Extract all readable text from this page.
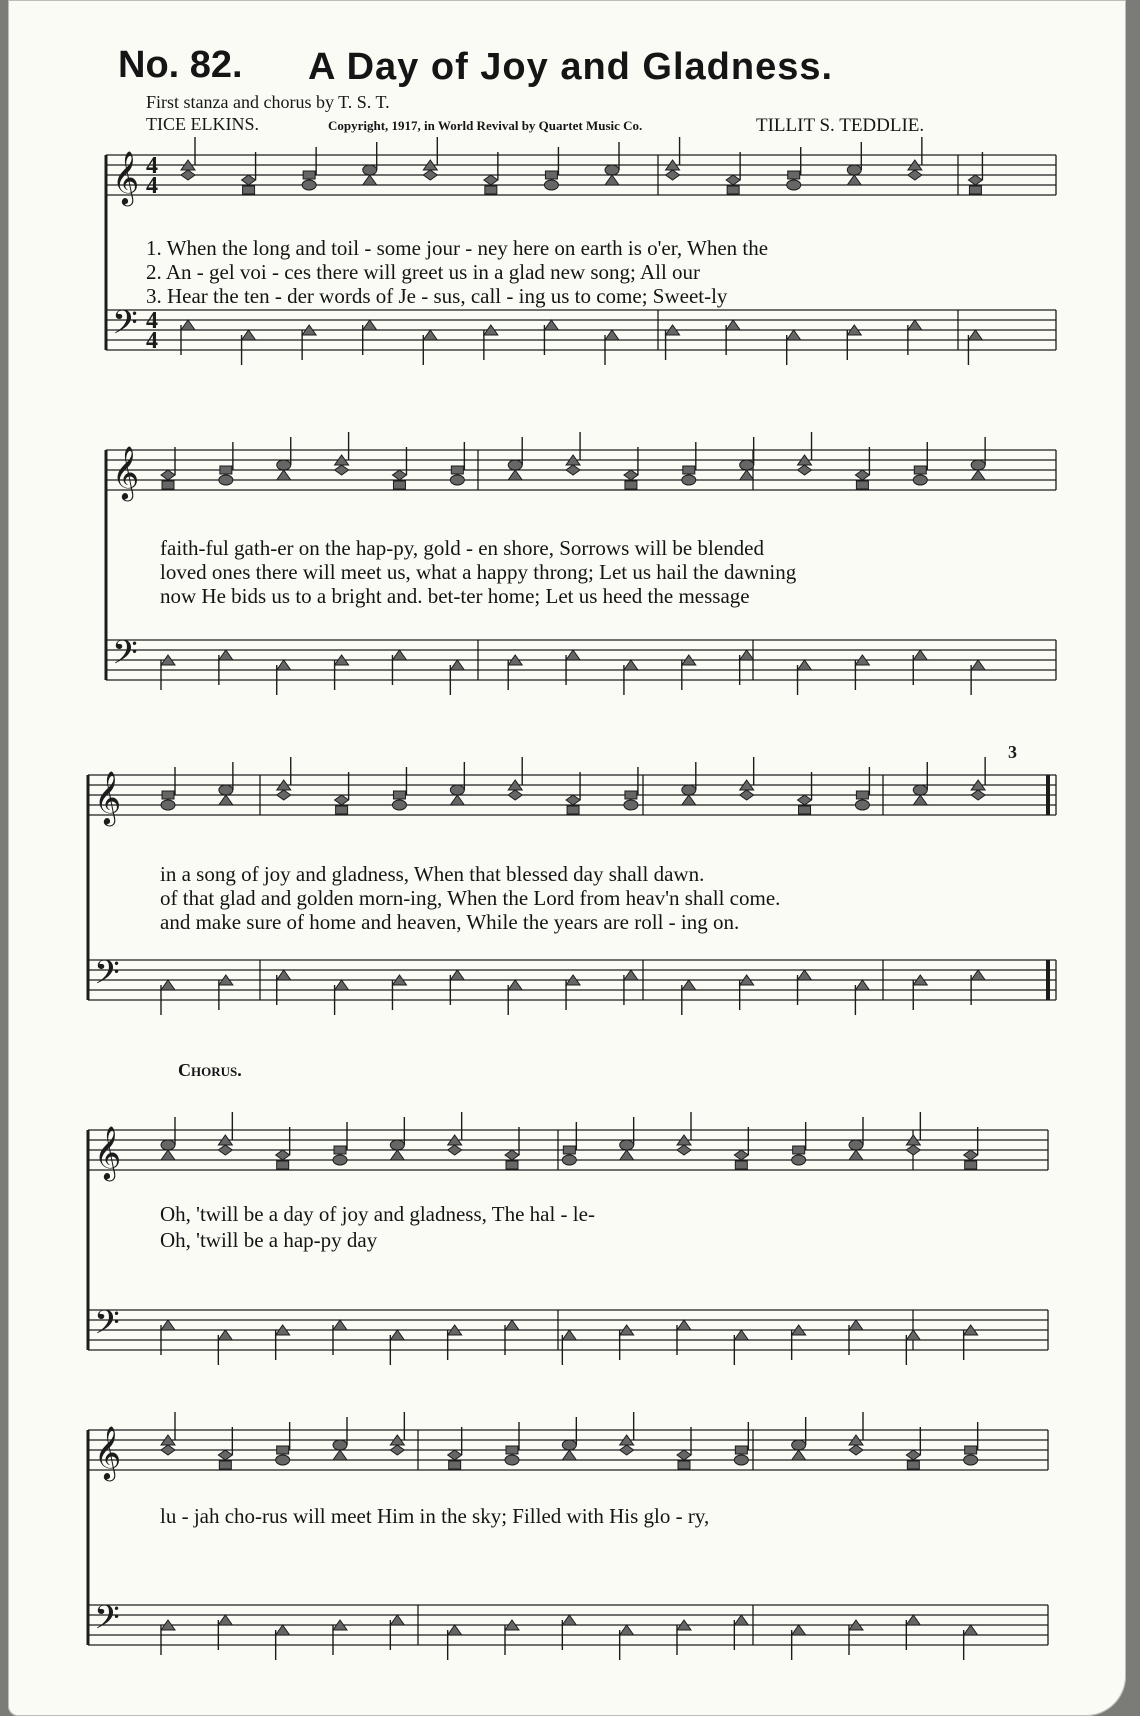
𝄞
𝄢
𝄞
𝄢
𝄞
𝄢
𝄞
𝄢
𝄞
𝄢
4
4
4
4
3
No. 82. A Day of Joy and Gladness.
First stanza and chorus by T. S. T.
TICE ELKINS.	Copyright, 1917, in World Revival by Quartet Music Co.	TILLIT S. TEDDLIE.
1. When the long and toil - some jour - ney here on earth is o'er, When the
2. An - gel voi - ces there will greet us in a glad new song; All our
3. Hear the ten - der words of Je - sus, call - ing us to come; Sweet-ly
faith-ful gath-er on the hap-py, gold - en shore, Sorrows will be blended
loved ones there will meet us, what a happy throng; Let us hail the dawning
now He bids us to a bright and. bet-ter home; Let us heed the message
in a song of joy and gladness, When that blessed day shall dawn.
of that glad and golden morn-ing, When the Lord from heav'n shall come.
and make sure of home and heaven, While the years are roll - ing on.
Chorus.
Oh, 'twill be a day of joy and gladness, The hal - le-
Oh, 'twill be a hap-py day
lu - jah cho-rus will meet Him in the sky; Filled with His glo - ry,
